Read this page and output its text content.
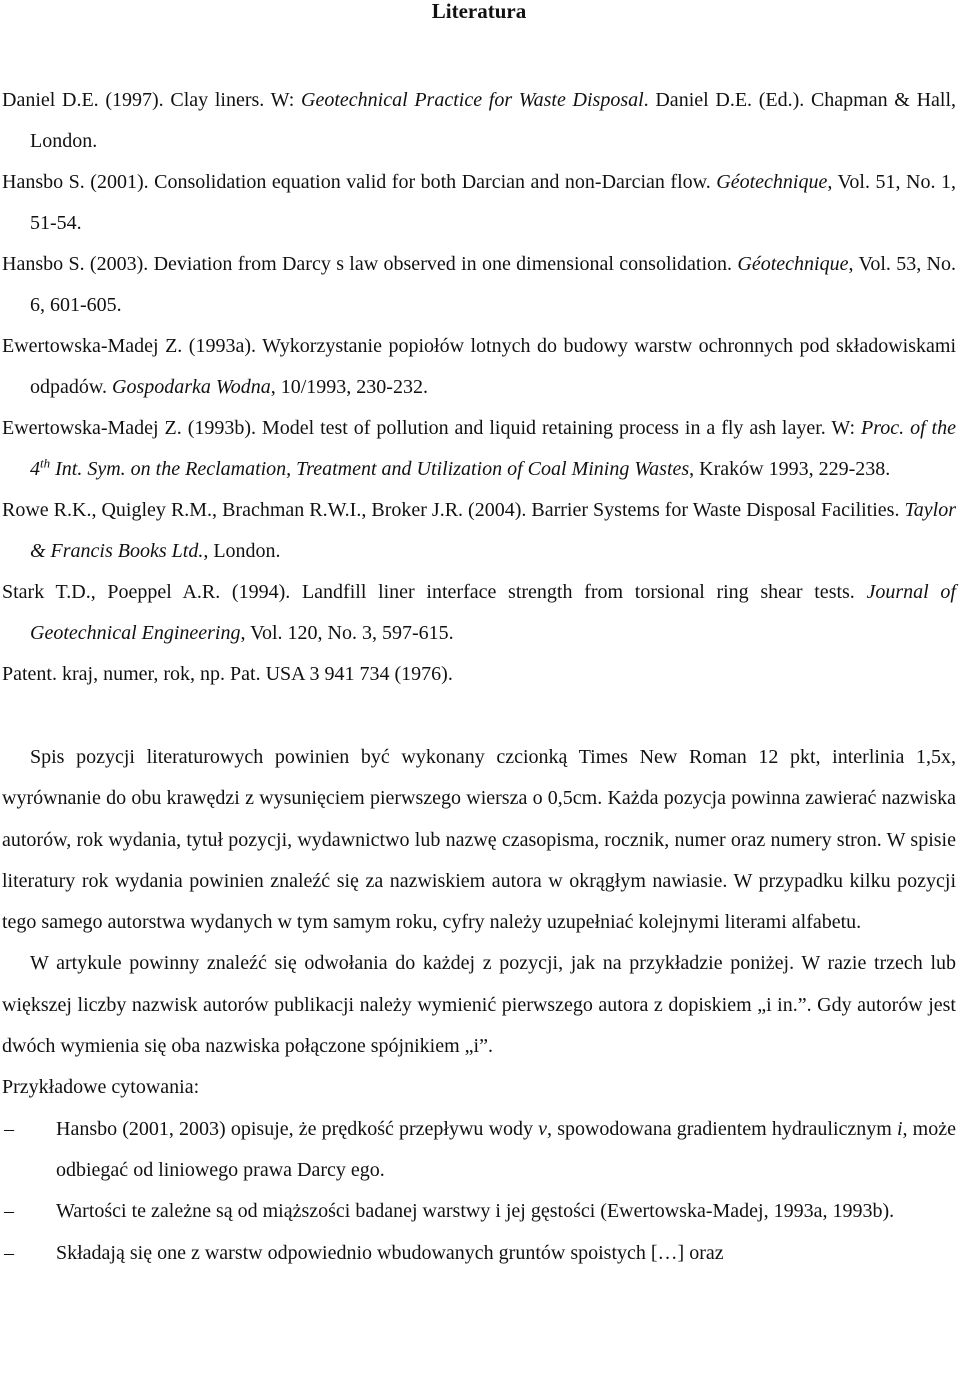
Literatura

Daniel D.E. (1997). Clay liners. W: Geotechnical Practice for Waste Disposal. Daniel D.E. (Ed.). Chapman & Hall, London.

Hansbo S. (2001). Consolidation equation valid for both Darcian and non-Darcian flow. Géotechnique, Vol. 51, No. 1, 51-54.

Hansbo S. (2003). Deviation from Darcy s law observed in one dimensional consolidation. Géotechnique, Vol. 53, No. 6, 601-605.

Ewertowska-Madej Z. (1993a). Wykorzystanie popiołów lotnych do budowy warstw ochronnych pod składowiskami odpadów. Gospodarka Wodna, 10/1993, 230-232.

Ewertowska-Madej Z. (1993b). Model test of pollution and liquid retaining process in a fly ash layer. W: Proc. of the 4th Int. Sym. on the Reclamation, Treatment and Utilization of Coal Mining Wastes, Kraków 1993, 229-238.

Rowe R.K., Quigley R.M., Brachman R.W.I., Broker J.R. (2004). Barrier Systems for Waste Disposal Facilities. Taylor & Francis Books Ltd., London.

Stark T.D., Poeppel A.R. (1994). Landfill liner interface strength from torsional ring shear tests. Journal of Geotechnical Engineering, Vol. 120, No. 3, 597-615.

Patent. kraj, numer, rok, np. Pat. USA 3 941 734 (1976).

Spis pozycji literaturowych powinien być wykonany czcionką Times New Roman 12 pkt, interlinia 1,5x, wyrównanie do obu krawędzi z wysunięciem pierwszego wiersza o 0,5cm. Każda pozycja powinna zawierać nazwiska autorów, rok wydania, tytuł pozycji, wydawnictwo lub nazwę czasopisma, rocznik, numer oraz numery stron. W spisie literatury rok wydania powinien znaleźć się za nazwiskiem autora w okrągłym nawiasie. W przypadku kilku pozycji tego samego autorstwa wydanych w tym samym roku, cyfry należy uzupełniać kolejnymi literami alfabetu.

W artykule powinny znaleźć się odwołania do każdej z pozycji, jak na przykładzie poniżej. W razie trzech lub większej liczby nazwisk autorów publikacji należy wymienić pierwszego autora z dopiskiem „i in.”. Gdy autorów jest dwóch wymienia się oba nazwiska połączone spójnikiem „i”.

Przykładowe cytowania:

– Hansbo (2001, 2003) opisuje, że prędkość przepływu wody v, spowodowana gradientem hydraulicznym i, może odbiegać od liniowego prawa Darcy ego.
– Wartości te zależne są od miąższości badanej warstwy i jej gęstości (Ewertowska-Madej, 1993a, 1993b).
– Składają się one z warstw odpowiednio wbudowanych gruntów spoistych […] oraz
